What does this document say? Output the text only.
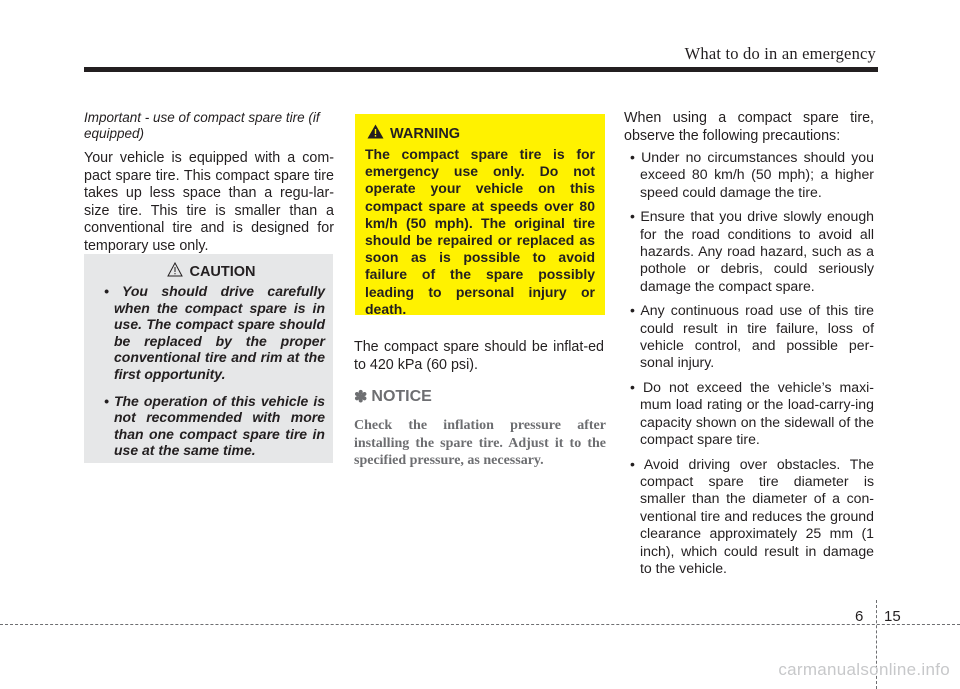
What to do in an emergency

Important - use of compact spare tire (if equipped)

Your vehicle is equipped with a com-pact spare tire. This compact spare tire takes up less space than a regu-lar-size tire. This tire is smaller than a conventional tire and is designed for temporary use only.

CAUTION
• You should drive carefully when the compact spare is in use. The compact spare should be replaced by the proper conventional tire and rim at the first opportunity.
• The operation of this vehicle is not recommended with more than one compact spare tire in use at the same time.
WARNING

The compact spare tire is for emergency use only. Do not operate your vehicle on this compact spare at speeds over 80 km/h (50 mph). The original tire should be repaired or replaced as soon as is possible to avoid failure of the spare possibly leading to personal injury or death.

The compact spare should be inflat-ed to 420 kPa (60 psi).

✽ NOTICE

Check the inflation pressure after installing the spare tire. Adjust it to the specified pressure, as necessary.

When using a compact spare tire, observe the following precautions:

• Under no circumstances should you exceed 80 km/h (50 mph); a higher speed could damage the tire.
• Ensure that you drive slowly enough for the road conditions to avoid all hazards. Any road hazard, such as a pothole or debris, could seriously damage the compact spare.
• Any continuous road use of this tire could result in tire failure, loss of vehicle control, and possible per-sonal injury.
• Do not exceed the vehicle’s maxi-mum load rating or the load-carry-ing capacity shown on the sidewall of the compact spare tire.
• Avoid driving over obstacles. The compact spare tire diameter is smaller than the diameter of a con-ventional tire and reduces the ground clearance approximately 25 mm (1 inch), which could result in damage to the vehicle.
6 15
carmanualsonline.info
